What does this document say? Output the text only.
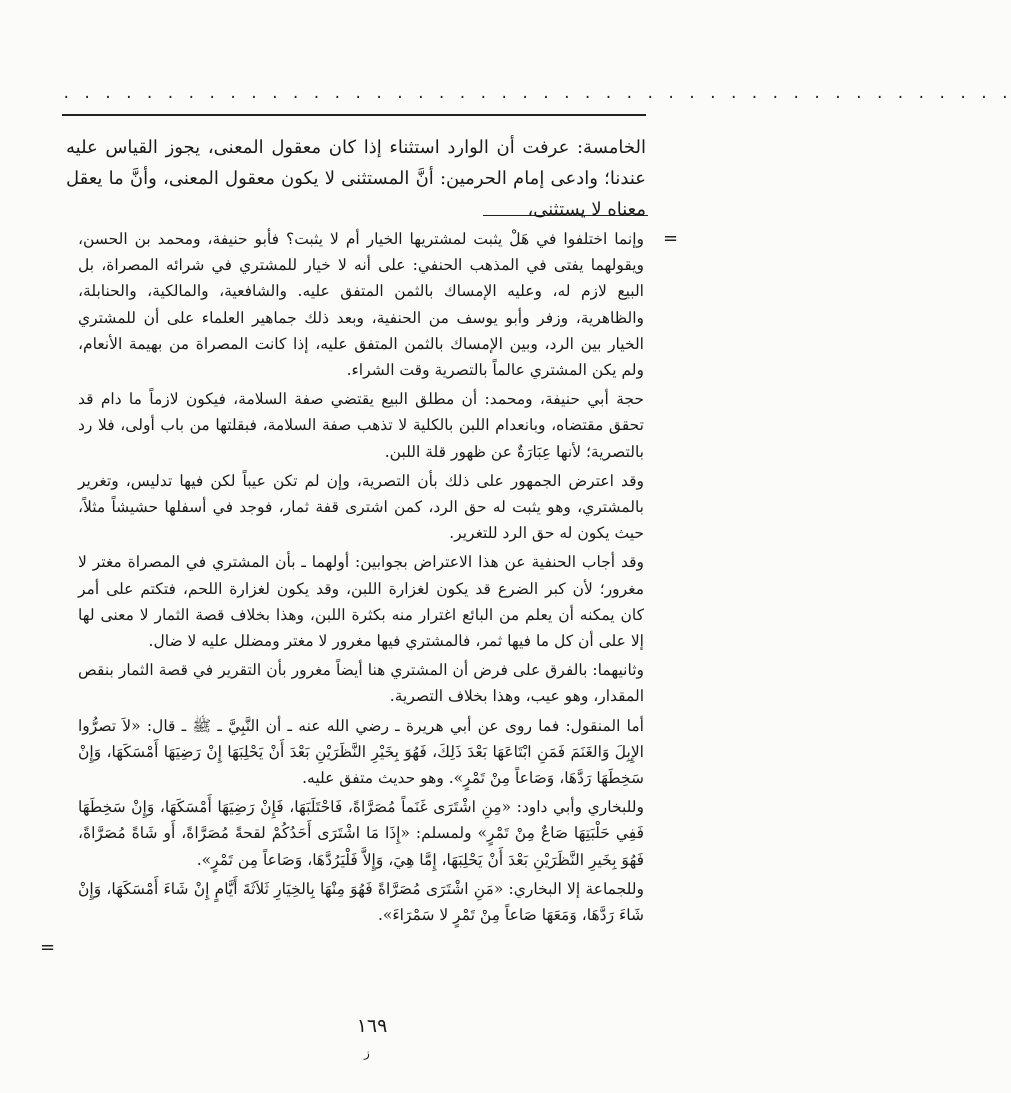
. . . . . . . . . . . . . . . . . . . . . . . . . . . . . . . . . . . . . . . . . . . . . .

الخامسة: عرفت أن الوارد استثناء إذا كان معقول المعنى، يجوز القياس عليه عندنا؛ وادعى إمام الحرمين: أنَّ المستثنى لا يكون معقول المعنى، وأنَّ ما يعقل معناه لا يستثنى،

=

وإنما اختلفوا في هَلْ يثبت لمشتريها الخيار أم لا يثبت؟ فأبو حنيفة، ومحمد بن الحسن، ويقولهما يفتى في المذهب الحنفي: على أنه لا خيار للمشتري في شرائه المصراة، بل البيع لازم له، وعليه الإمساك بالثمن المتفق عليه. والشافعية، والمالكية، والحنابلة، والظاهرية، وزفر وأبو يوسف من الحنفية، وبعد ذلك جماهير العلماء على أن للمشتري الخيار بين الرد، وبين الإمساك بالثمن المتفق عليه، إذا كانت المصراة من بهيمة الأنعام، ولم يكن المشتري عالماً بالتصرية وقت الشراء.

حجة أبي حنيفة، ومحمد: أن مطلق البيع يقتضي صفة السلامة، فيكون لازماً ما دام قد تحقق مقتضاه، وبانعدام اللبن بالكلية لا تذهب صفة السلامة، فبقلتها من باب أولى، فلا رد بالتصرية؛ لأنها عِبَارَةٌ عن ظهور قلة اللبن.

وقد اعترض الجمهور على ذلك بأن التصرية، وإن لم تكن عيباً لكن فيها تدليس، وتغرير بالمشتري، وهو يثبت له حق الرد، كمن اشترى قفة ثمار، فوجد في أسفلها حشيشاً مثلاً، حيث يكون له حق الرد للتغرير.

وقد أجاب الحنفية عن هذا الاعتراض بجوابين: أولهما ـ بأن المشتري في المصراة مغتر لا مغرور؛ لأن كبر الضرع قد يكون لغزارة اللبن، وقد يكون لغزارة اللحم، فتكتم على أمر كان يمكنه أن يعلم من البائع اغترار منه بكثرة اللبن، وهذا بخلاف قصة الثمار لا معنى لها إلا على أن كل ما فيها ثمر، فالمشتري فيها مغرور لا مغتر ومضلل عليه لا ضال.

وثانيهما: بالفرق على فرض أن المشتري هنا أيضاً مغرور بأن التقرير في قصة الثمار بنقص المقدار، وهو عيب، وهذا بخلاف التصرية.

أما المنقول: فما روى عن أبي هريرة ـ رضي الله عنه ـ أن النَّبِيَّ ـ ﷺ ـ قال: «لاَ تصرُّوا الإِبِلَ وَالغَنَمَ فَمَنِ ابْتَاعَهَا بَعْدَ ذَلِكَ، فَهُوَ بِخَيْرِ النَّظَرَيْنِ بَعْدَ أَنْ يَحْلِبَهَا إِنْ رَضِيَهَا أَمْسَكَهَا، وَإِنْ سَخِطَهَا رَدَّهَا، وَصَاعاً مِنْ تَمْرٍ». وهو حديث متفق عليه.

وللبخاري وأبي داود: «مِنِ اشْتَرَى غَنَماً مُصَرَّاةً، فَاحْتَلَبَهَا، فَإِنْ رَضِيَهَا أَمْسَكَهَا، وَإِنْ سَخِطَهَا فَفِي حَلْبَتِهَا صَاعٌ مِنْ تَمْرٍ» ولمسلم: «إِذَا مَا اشْتَرَى أَحَدُكُمْ لقحةً مُصَرَّاةً، أَو شَاةً مُصَرَّاةً، فَهُوَ بِخَيرِ النَّظَرَيْنِ بَعْدَ أَنْ يَحْلِبَهَا، إِمَّا هِيَ، وَإِلاَّ فَلْيَرُدَّهَا، وَصَاعاً مِن تَمْرٍ».

وللجماعة إلا البخاري: «مَنِ اشْتَرَى مُصَرَّاةً فَهُوَ مِنْهَا بِالخِيَارِ ثَلاَثَةَ أَيَّامٍ إِنْ شَاءَ أَمْسَكَهَا، وَإِنْ شَاءَ رَدَّهَا، وَمَعَهَا صَاعاً مِنْ تَمْرٍ لا سَمْرَاءَ».

=
١٦٩
ز
